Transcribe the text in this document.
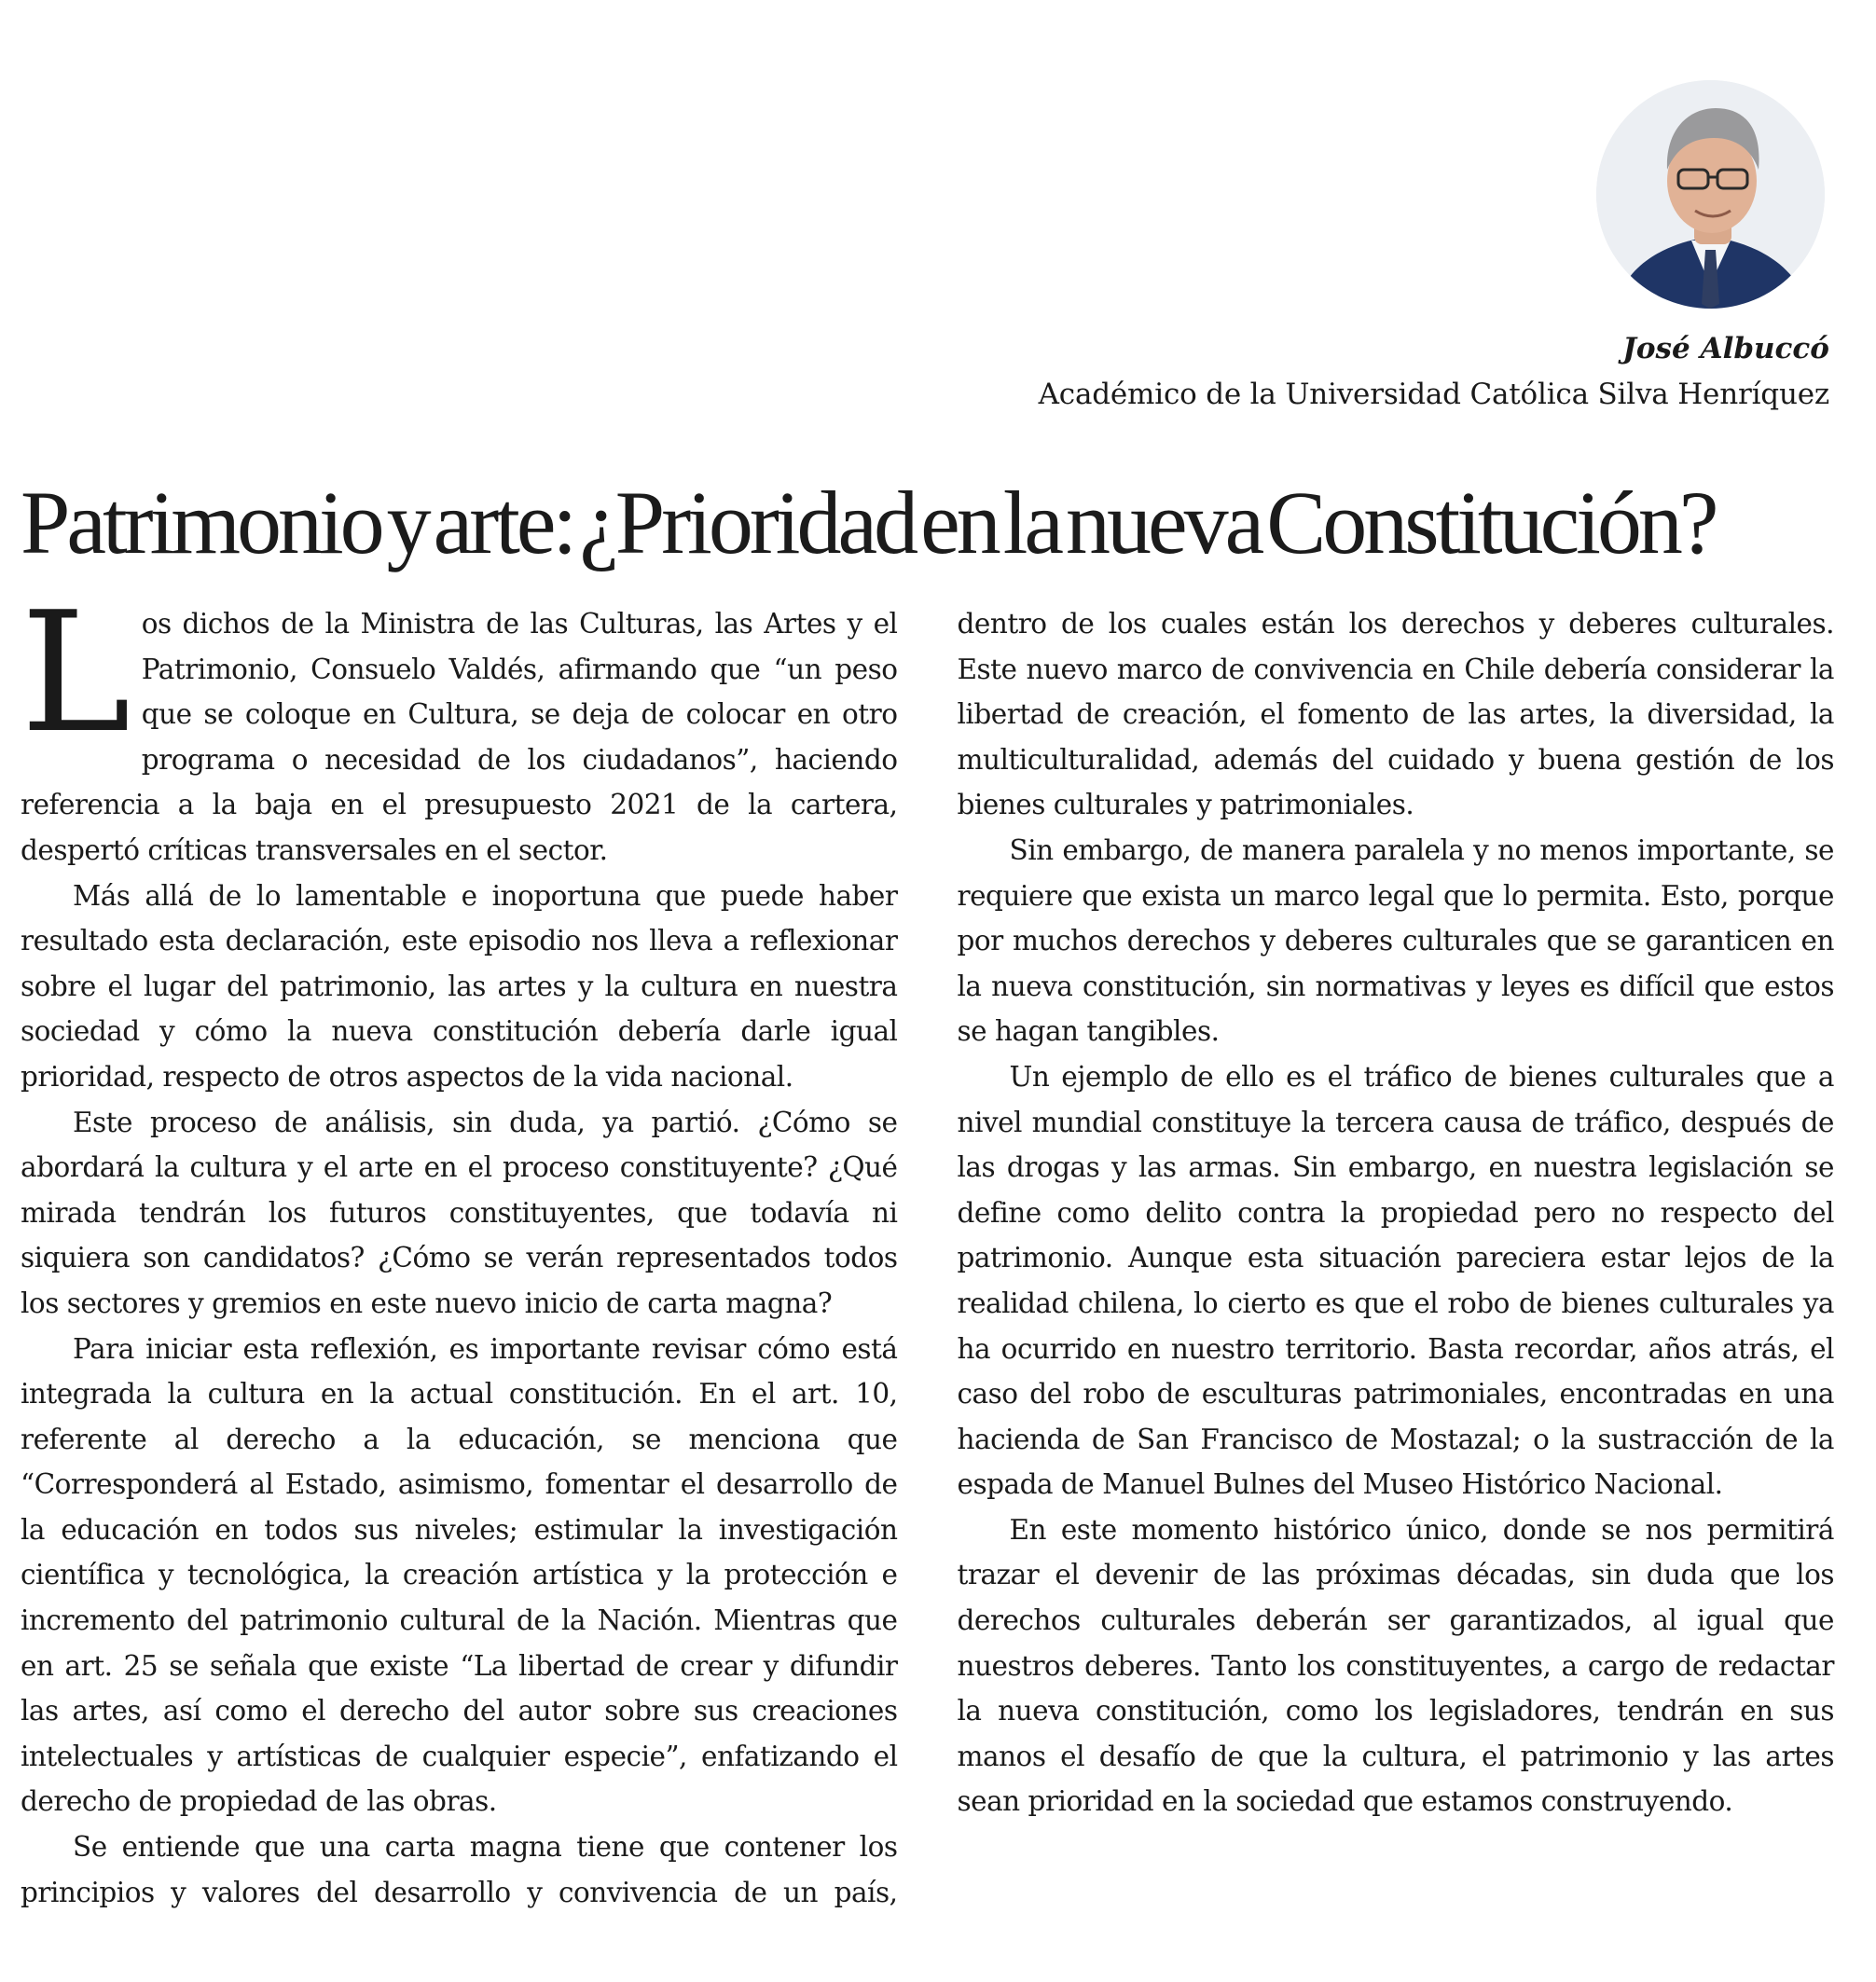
José Albuccó

Académico de la Universidad Católica Silva Henríquez

Patrimonio y arte: ¿Prioridad en la nueva Constitución?

Los dichos de la Ministra de las Culturas, las Artes y el Patrimonio, Consuelo Valdés, afirmando que “un peso que se coloque en Cultura, se deja de colocar en otro programa o necesidad de los ciudadanos”, haciendo referencia a la baja en el presupuesto 2021 de la cartera, despertó críticas transversales en el sector.

Más allá de lo lamentable e inoportuna que puede haber resultado esta declaración, este episodio nos lleva a reflexionar sobre el lugar del patrimonio, las artes y la cultura en nuestra sociedad y cómo la nueva constitución debería darle igual prioridad, respecto de otros aspectos de la vida nacional.

Este proceso de análisis, sin duda, ya partió. ¿Cómo se abordará la cultura y el arte en el proceso constituyente? ¿Qué mirada tendrán los futuros constituyentes, que todavía ni siquiera son candidatos? ¿Cómo se verán representados todos los sectores y gremios en este nuevo inicio de carta magna?

Para iniciar esta reflexión, es importante revisar cómo está integrada la cultura en la actual constitución. En el art. 10, referente al derecho a la educación, se menciona que “Corresponderá al Estado, asimismo, fomentar el desarrollo de la educación en todos sus niveles; estimular la investigación científica y tecnológica, la creación artística y la protección e incremento del patrimonio cultural de la Nación. Mientras que en art. 25 se señala que existe “La libertad de crear y difundir las artes, así como el derecho del autor sobre sus creaciones intelectuales y artísticas de cualquier especie”, enfatizando el derecho de propiedad de las obras.

Se entiende que una carta magna tiene que contener los principios y valores del desarrollo y convivencia de un país, dentro de los cuales están los derechos y deberes culturales. Este nuevo marco de convivencia en Chile debería considerar la libertad de creación, el fomento de las artes, la diversidad, la multiculturalidad, además del cuidado y buena gestión de los bienes culturales y patrimoniales.

Sin embargo, de manera paralela y no menos importante, se requiere que exista un marco legal que lo permita. Esto, porque por muchos derechos y deberes culturales que se garanticen en la nueva constitución, sin normativas y leyes es difícil que estos se hagan tangibles.

Un ejemplo de ello es el tráfico de bienes culturales que a nivel mundial constituye la tercera causa de tráfico, después de las drogas y las armas. Sin embargo, en nuestra legislación se define como delito contra la propiedad pero no respecto del patrimonio. Aunque esta situación pareciera estar lejos de la realidad chilena, lo cierto es que el robo de bienes culturales ya ha ocurrido en nuestro territorio. Basta recordar, años atrás, el caso del robo de esculturas patrimoniales, encontradas en una hacienda de San Francisco de Mostazal; o la sustracción de la espada de Manuel Bulnes del Museo Histórico Nacional.

En este momento histórico único, donde se nos permitirá trazar el devenir de las próximas décadas, sin duda que los derechos culturales deberán ser garantizados, al igual que nuestros deberes. Tanto los constituyentes, a cargo de redactar la nueva constitución, como los legisladores, tendrán en sus manos el desafío de que la cultura, el patrimonio y las artes sean prioridad en la sociedad que estamos construyendo.
